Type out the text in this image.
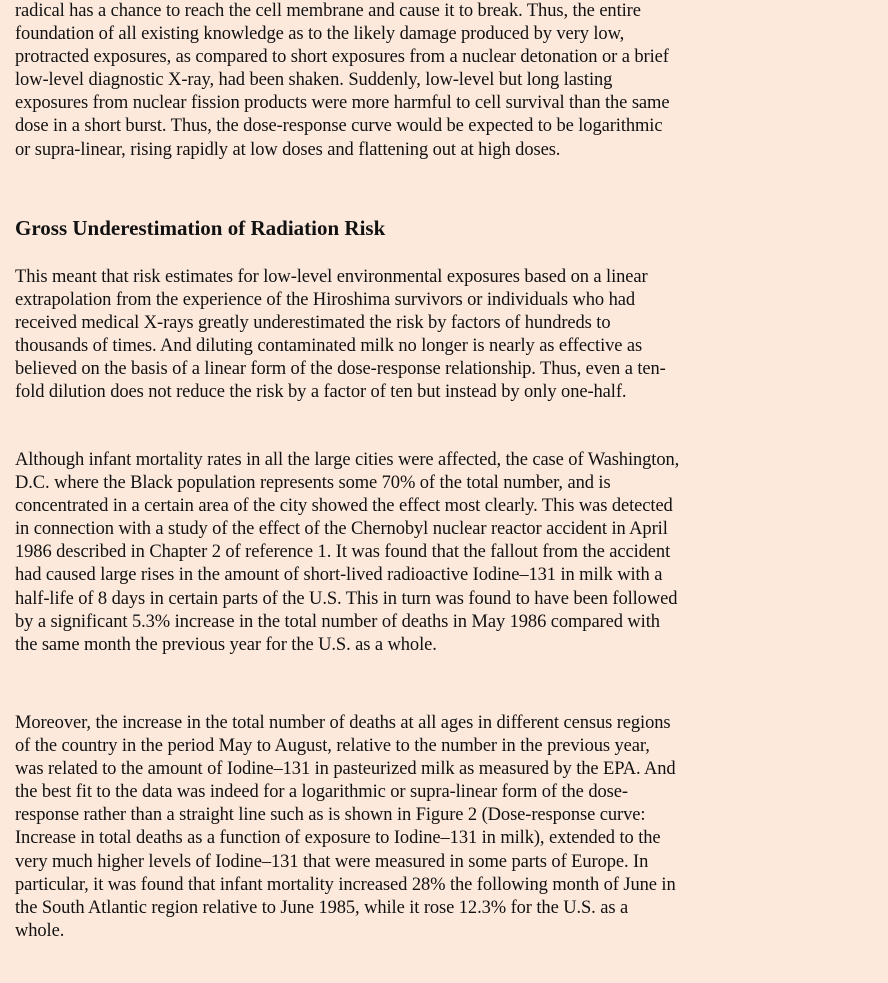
radical has a chance to reach the cell membrane and cause it to break. Thus, the entire
foundation of all existing knowledge as to the likely damage produced by very low,
protracted exposures, as compared to short exposures from a nuclear detonation or a brief
low-level diagnostic X-ray, had been shaken. Suddenly, low-level but long lasting
exposures from nuclear fission products were more harmful to cell survival than the same
dose in a short burst. Thus, the dose-response curve would be expected to be logarithmic
or supra-linear, rising rapidly at low doses and flattening out at high doses.

Gross Underestimation of Radiation Risk

This meant that risk estimates for low-level environmental exposures based on a linear
extrapolation from the experience of the Hiroshima survivors or individuals who had
received medical X-rays greatly underestimated the risk by factors of hundreds to
thousands of times. And diluting contaminated milk no longer is nearly as effective as
believed on the basis of a linear form of the dose-response relationship. Thus, even a ten-
fold dilution does not reduce the risk by a factor of ten but instead by only one-half.

Although infant mortality rates in all the large cities were affected, the case of Washington,
D.C. where the Black population represents some 70% of the total number, and is
concentrated in a certain area of the city showed the effect most clearly. This was detected
in connection with a study of the effect of the Chernobyl nuclear reactor accident in April
1986 described in Chapter 2 of reference 1. It was found that the fallout from the accident
had caused large rises in the amount of short-lived radioactive Iodine–131 in milk with a
half-life of 8 days in certain parts of the U.S. This in turn was found to have been followed
by a significant 5.3% increase in the total number of deaths in May 1986 compared with
the same month the previous year for the U.S. as a whole.

Moreover, the increase in the total number of deaths at all ages in different census regions
of the country in the period May to August, relative to the number in the previous year,
was related to the amount of Iodine–131 in pasteurized milk as measured by the EPA. And
the best fit to the data was indeed for a logarithmic or supra-linear form of the dose-
response rather than a straight line such as is shown in Figure 2 (Dose-response curve:
Increase in total deaths as a function of exposure to Iodine–131 in milk), extended to the
very much higher levels of Iodine–131 that were measured in some parts of Europe. In
particular, it was found that infant mortality increased 28% the following month of June in
the South Atlantic region relative to June 1985, while it rose 12.3% for the U.S. as a
whole.
